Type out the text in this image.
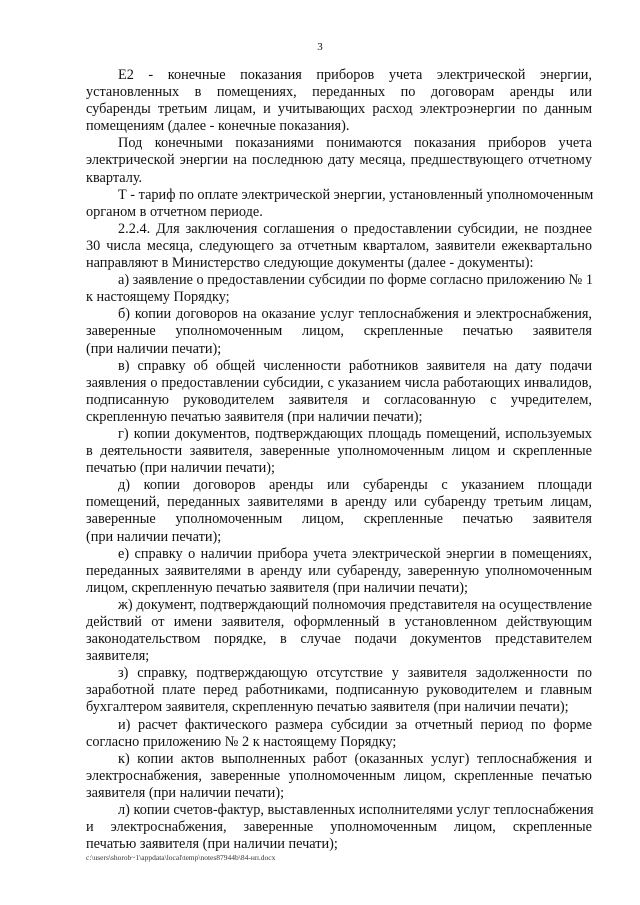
3
Е2 - конечные показания приборов учета электрической энергии,
установленных в помещениях, переданных по договорам аренды или
субаренды третьим лицам, и учитывающих расход электроэнергии по данным
помещениям (далее - конечные показания).
Под конечными показаниями понимаются показания приборов учета
электрической энергии на последнюю дату месяца, предшествующего отчетному
кварталу.
Т - тариф по оплате электрической энергии, установленный уполномоченным
органом в отчетном периоде.
2.2.4. Для заключения соглашения о предоставлении субсидии, не позднее
30 числа месяца, следующего за отчетным кварталом, заявители ежеквартально
направляют в Министерство следующие документы (далее - документы):
а) заявление о предоставлении субсидии по форме согласно приложению № 1
к настоящему Порядку;
б) копии договоров на оказание услуг теплоснабжения и электроснабжения,
заверенные уполномоченным лицом, скрепленные печатью заявителя
(при наличии печати);
в) справку об общей численности работников заявителя на дату подачи
заявления о предоставлении субсидии, с указанием числа работающих инвалидов,
подписанную руководителем заявителя и согласованную с учредителем,
скрепленную печатью заявителя (при наличии печати);
г) копии документов, подтверждающих площадь помещений, используемых
в деятельности заявителя, заверенные уполномоченным лицом и скрепленные
печатью (при наличии печати);
д) копии договоров аренды или субаренды с указанием площади
помещений, переданных заявителями в аренду или субаренду третьим лицам,
заверенные уполномоченным лицом, скрепленные печатью заявителя
(при наличии печати);
е) справку о наличии прибора учета электрической энергии в помещениях,
переданных заявителями в аренду или субаренду, заверенную уполномоченным
лицом, скрепленную печатью заявителя (при наличии печати);
ж) документ, подтверждающий полномочия представителя на осуществление
действий от имени заявителя, оформленный в установленном действующим
законодательством порядке, в случае подачи документов представителем
заявителя;
з) справку, подтверждающую отсутствие у заявителя задолженности по
заработной плате перед работниками, подписанную руководителем и главным
бухгалтером заявителя, скрепленную печатью заявителя (при наличии печати);
и) расчет фактического размера субсидии за отчетный период по форме
согласно приложению № 2 к настоящему Порядку;
к) копии актов выполненных работ (оказанных услуг) теплоснабжения и
электроснабжения, заверенные уполномоченным лицом, скрепленные печатью
заявителя (при наличии печати);
л) копии счетов-фактур, выставленных исполнителями услуг теплоснабжения
и электроснабжения, заверенные уполномоченным лицом, скрепленные
печатью заявителя (при наличии печати);
c:\users\shorob~1\appdata\local\temp\notes87944b\84-нп.docx
